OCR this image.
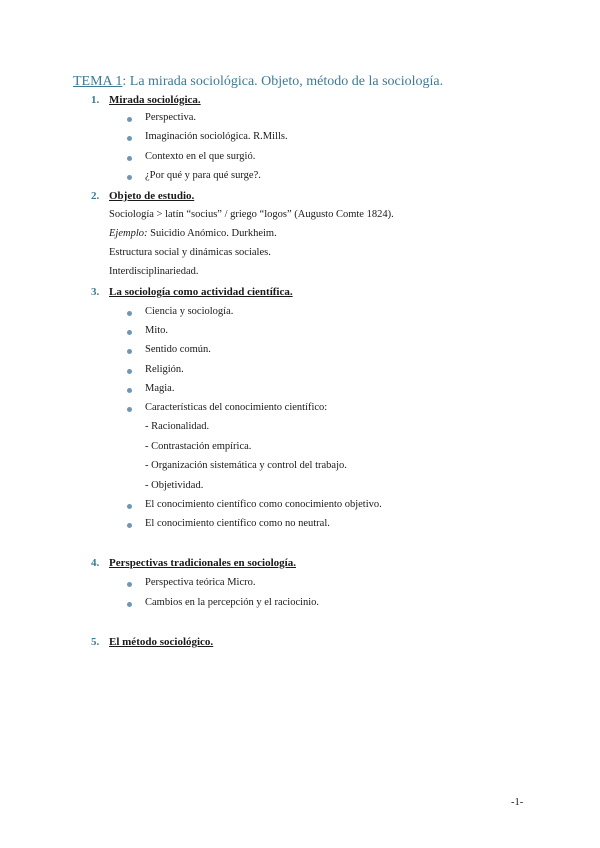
TEMA 1: La mirada sociológica. Objeto, método de la sociología.
1. Mirada sociológica.
Perspectiva.
Imaginación sociológica. R.Mills.
Contexto en el que surgió.
¿Por qué y para qué surge?.
2. Objeto de estudio.
Sociología > latín “socius” / griego “logos” (Augusto Comte 1824).
Ejemplo: Suicidio Anómico. Durkheim.
Estructura social y dinámicas sociales.
Interdisciplinariedad.
3. La sociología como actividad científica.
Ciencia y sociología.
Mito.
Sentido común.
Religión.
Magia.
Características del conocimiento científico:
- Racionalidad.
- Contrastación empírica.
- Organización sistemática y control del trabajo.
- Objetividad.
El conocimiento científico como conocimiento objetivo.
El conocimiento científico como no neutral.
4. Perspectivas tradicionales en sociología.
Perspectiva teórica Micro.
Cambios en la percepción y el raciocinio.
5. El método sociológico.
-1-
